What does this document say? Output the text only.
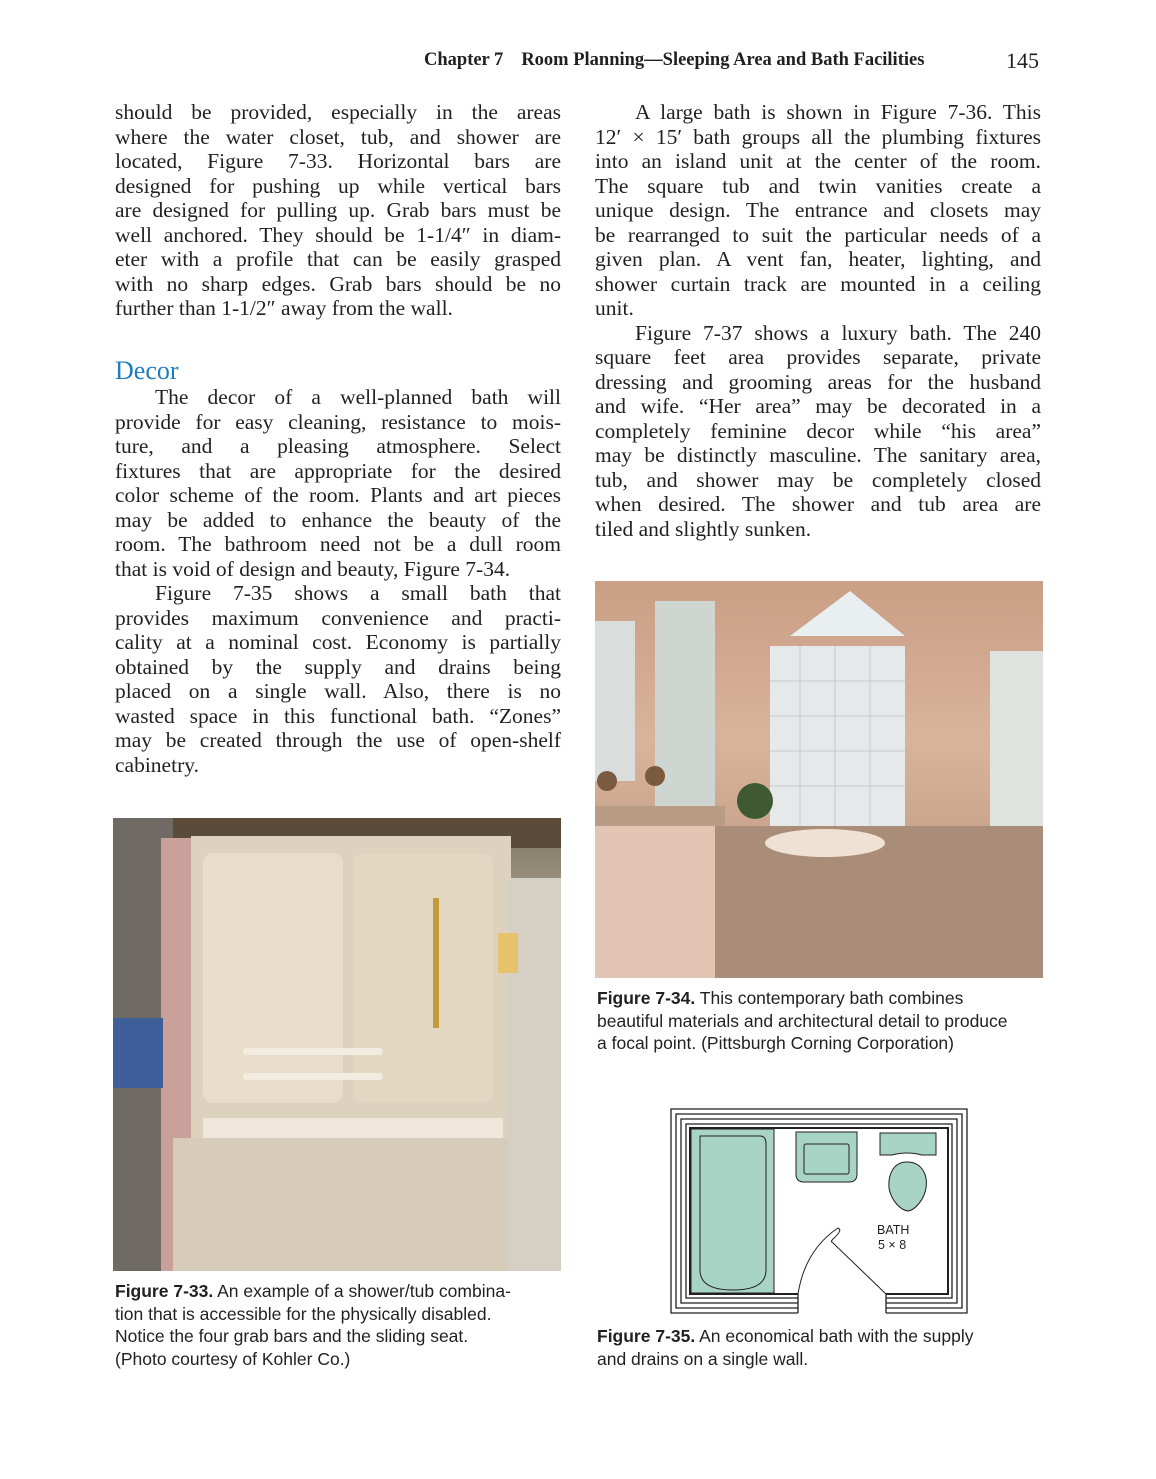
Chapter 7 Room Planning—Sleeping Area and Bath Facilities	145
should be provided, especially in the areas
where the water closet, tub, and shower are
located, Figure 7-33. Horizontal bars are
designed for pushing up while vertical bars
are designed for pulling up. Grab bars must be
well anchored. They should be 1-1/4″ in diam-
eter with a profile that can be easily grasped
with no sharp edges. Grab bars should be no
further than 1-1/2″ away from the wall.
Decor
The decor of a well-planned bath will
provide for easy cleaning, resistance to mois-
ture, and a pleasing atmosphere. Select
fixtures that are appropriate for the desired
color scheme of the room. Plants and art pieces
may be added to enhance the beauty of the
room. The bathroom need not be a dull room
that is void of design and beauty, Figure 7-34.
Figure 7-35 shows a small bath that
provides maximum convenience and practi-
cality at a nominal cost. Economy is partially
obtained by the supply and drains being
placed on a single wall. Also, there is no
wasted space in this functional bath. “Zones”
may be created through the use of open-shelf
cabinetry.
A large bath is shown in Figure 7-36. This
12′ × 15′ bath groups all the plumbing fixtures
into an island unit at the center of the room.
The square tub and twin vanities create a
unique design. The entrance and closets may
be rearranged to suit the particular needs of a
given plan. A vent fan, heater, lighting, and
shower curtain track are mounted in a ceiling
unit.
Figure 7-37 shows a luxury bath. The 240
square feet area provides separate, private
dressing and grooming areas for the husband
and wife. “Her area” may be decorated in a
completely feminine decor while “his area”
may be distinctly masculine. The sanitary area,
tub, and shower may be completely closed
when desired. The shower and tub area are
tiled and slightly sunken.
Figure 7-33. An example of a shower/tub combina-
tion that is accessible for the physically disabled.
Notice the four grab bars and the sliding seat.
(Photo courtesy of Kohler Co.)
Figure 7-34. This contemporary bath combines
beautiful materials and architectural detail to produce
a focal point. (Pittsburgh Corning Corporation)
BATH
5 × 8
Figure 7-35. An economical bath with the supply
and drains on a single wall.
